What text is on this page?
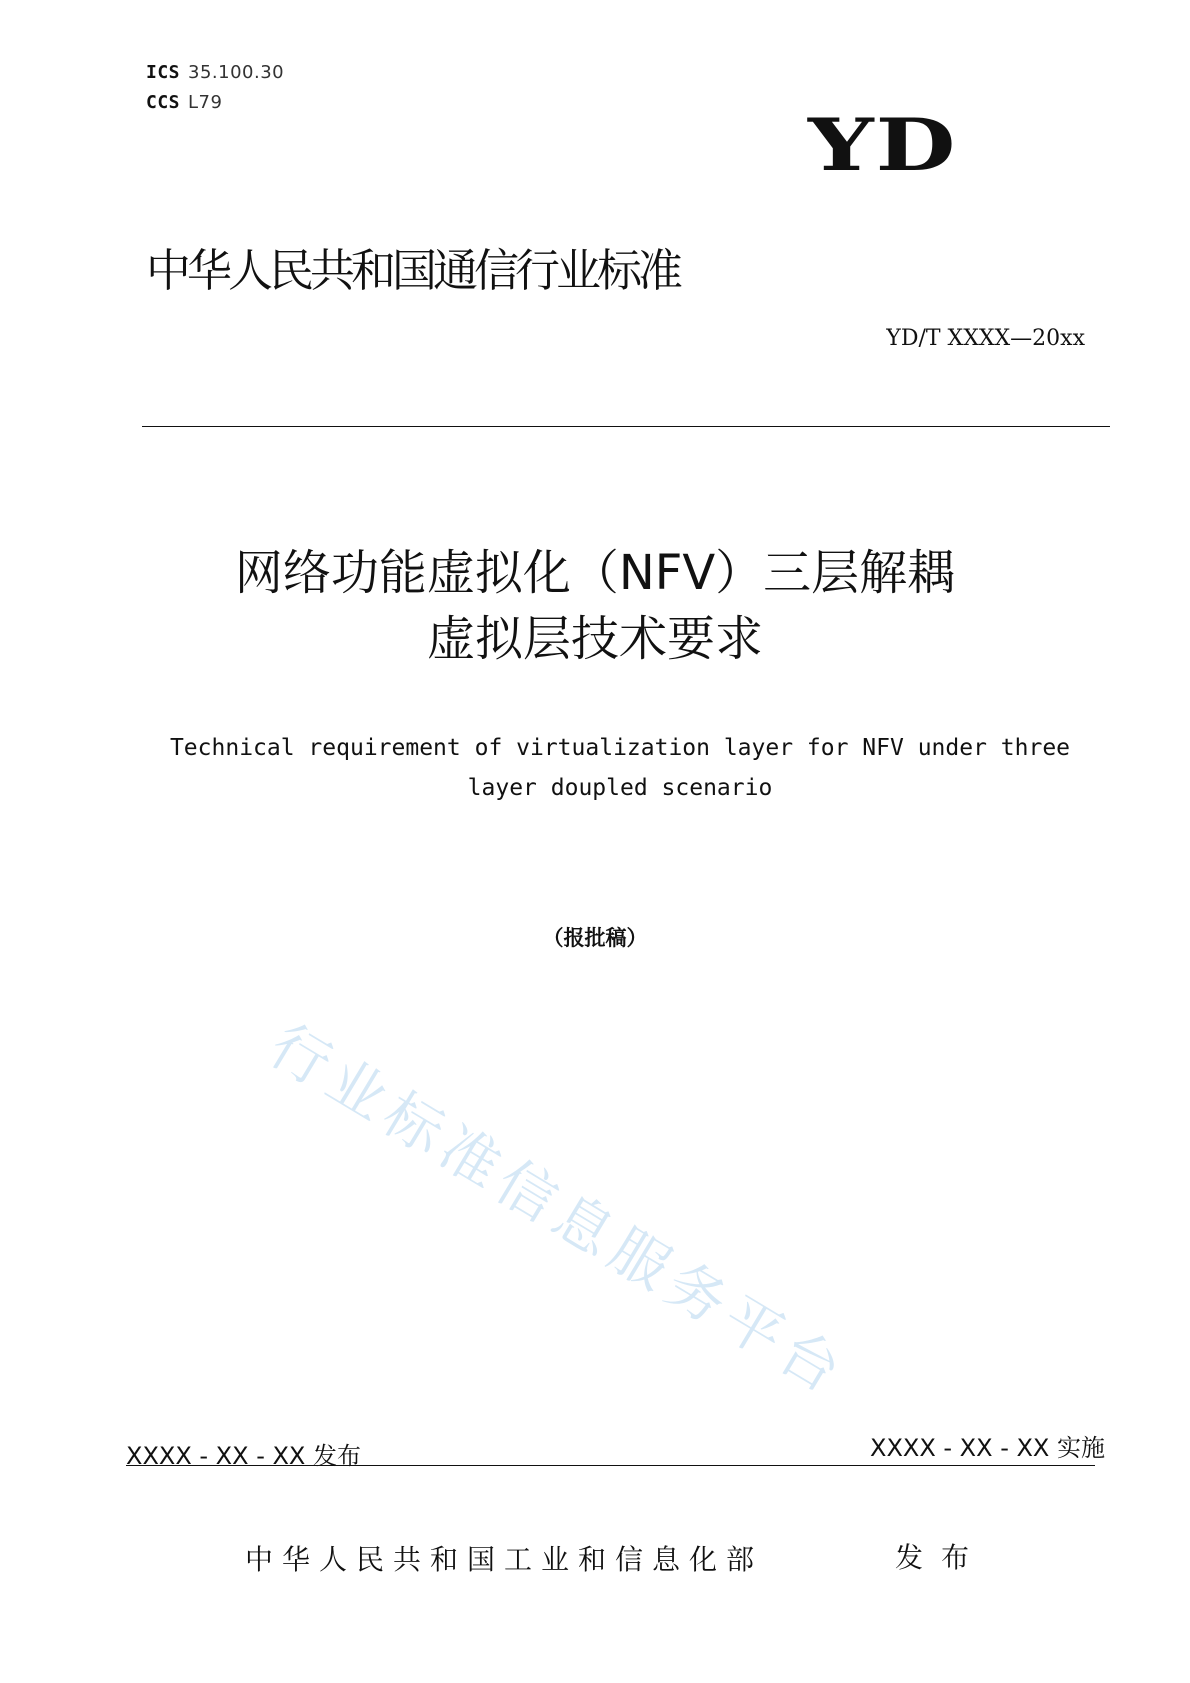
ICS 35.100.30
CCS L79
YD
中华人民共和国通信行业标准
YD/T XXXX—20xx
网络功能虚拟化（NFV）三层解耦
虚拟层技术要求
Technical requirement of virtualization layer for NFV under three
layer doupled scenario
（报批稿）
行业标准信息服务平台
XXXX - XX - XX 发布	XXXX - XX - XX 实施
中华人民共和国工业和信息化部	发布
